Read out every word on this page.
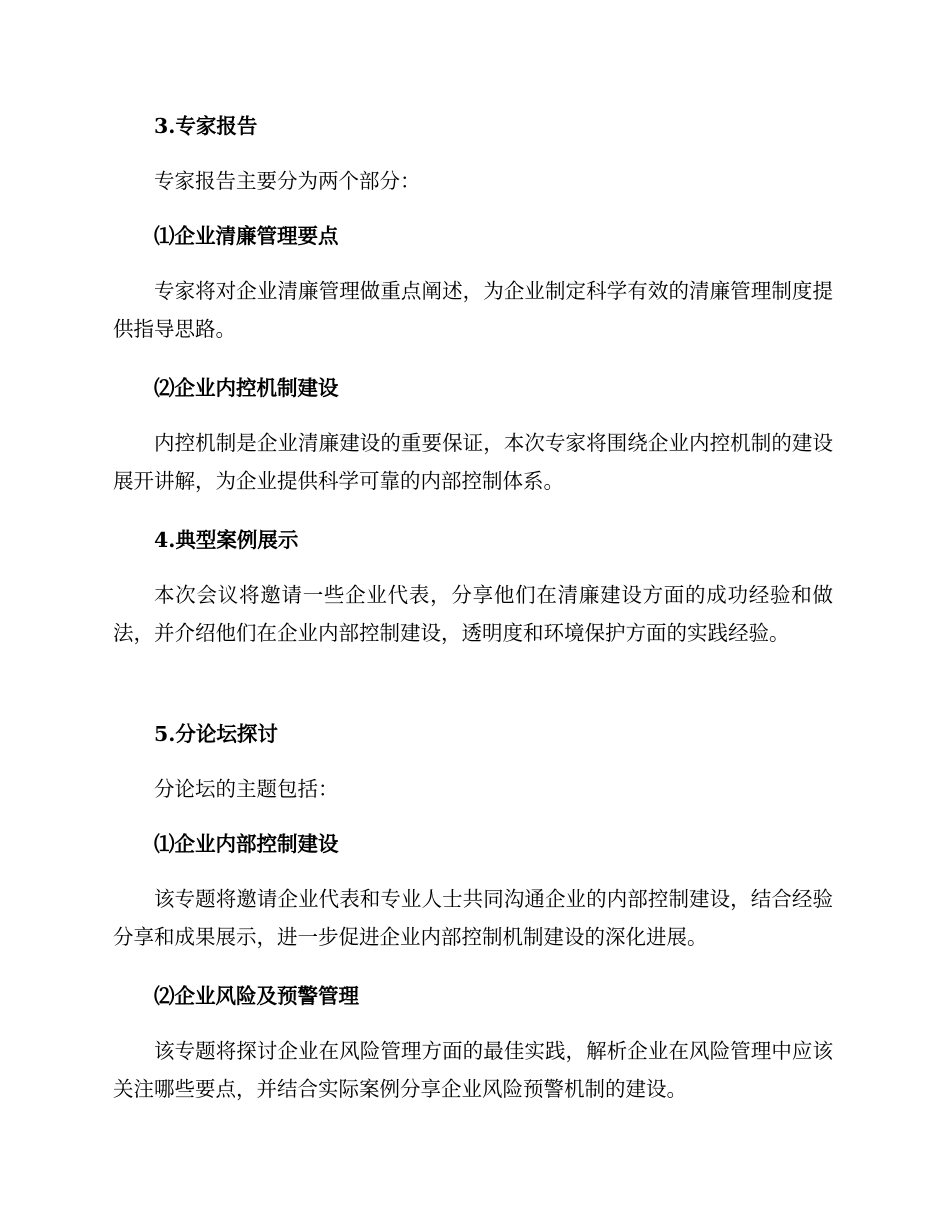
3.专家报告

专家报告主要分为两个部分：

⑴企业清廉管理要点

专家将对企业清廉管理做重点阐述，为企业制定科学有效的清廉管理制度提供指导思路。

⑵企业内控机制建设

内控机制是企业清廉建设的重要保证，本次专家将围绕企业内控机制的建设展开讲解，为企业提供科学可靠的内部控制体系。

4.典型案例展示

本次会议将邀请一些企业代表，分享他们在清廉建设方面的成功经验和做法，并介绍他们在企业内部控制建设，透明度和环境保护方面的实践经验。

5.分论坛探讨

分论坛的主题包括：

⑴企业内部控制建设

该专题将邀请企业代表和专业人士共同沟通企业的内部控制建设，结合经验分享和成果展示，进一步促进企业内部控制机制建设的深化进展。

⑵企业风险及预警管理

该专题将探讨企业在风险管理方面的最佳实践，解析企业在风险管理中应该关注哪些要点，并结合实际案例分享企业风险预警机制的建设。
